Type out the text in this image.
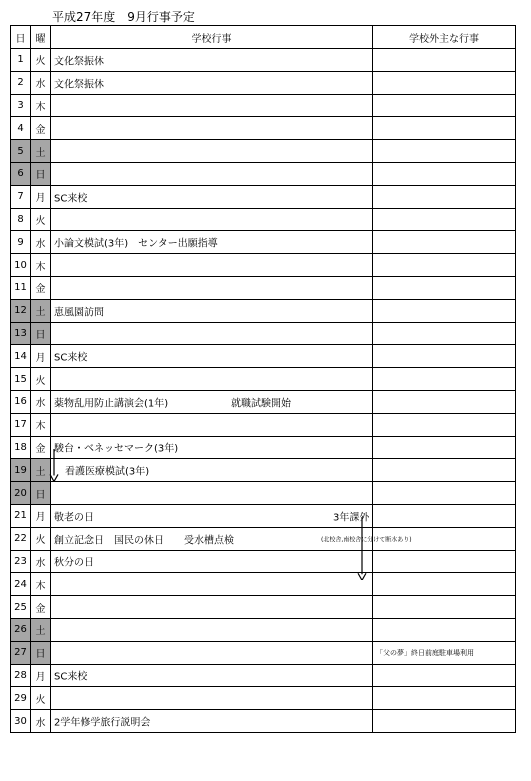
平成27年度　9月行事予定
日	曜	学校行事	学校外主な行事
1	火	文化祭振休	

2	水	文化祭振休	

3	木	

4	金	

5	土	

6	日	

7	月	SC来校	

8	火	

9	水	小論文模試(3年)　センター出願指導	

10	木	

11	金	

12	土	恵風園訪問	

13	日	

14	月	SC来校	

15	火	

16	水	薬物乱用防止講演会(1年) 就職試験開始	

17	木	

18	金	駿台・ベネッセマーク(3年)	

19	土	看護医療模試(3年)	

20	日	

21	月	敬老の日 3年課外	

22	火	創立記念日　国民の休日　　受水槽点検 (北校舎,南校舎に分けて断水あり)	

23	水	秋分の日	

24	木	

25	金	

26	土	

27	日		「父の夢」終日前庭駐車場利用

28	月	SC来校	

29	火	

30	水	2学年修学旅行説明会	
